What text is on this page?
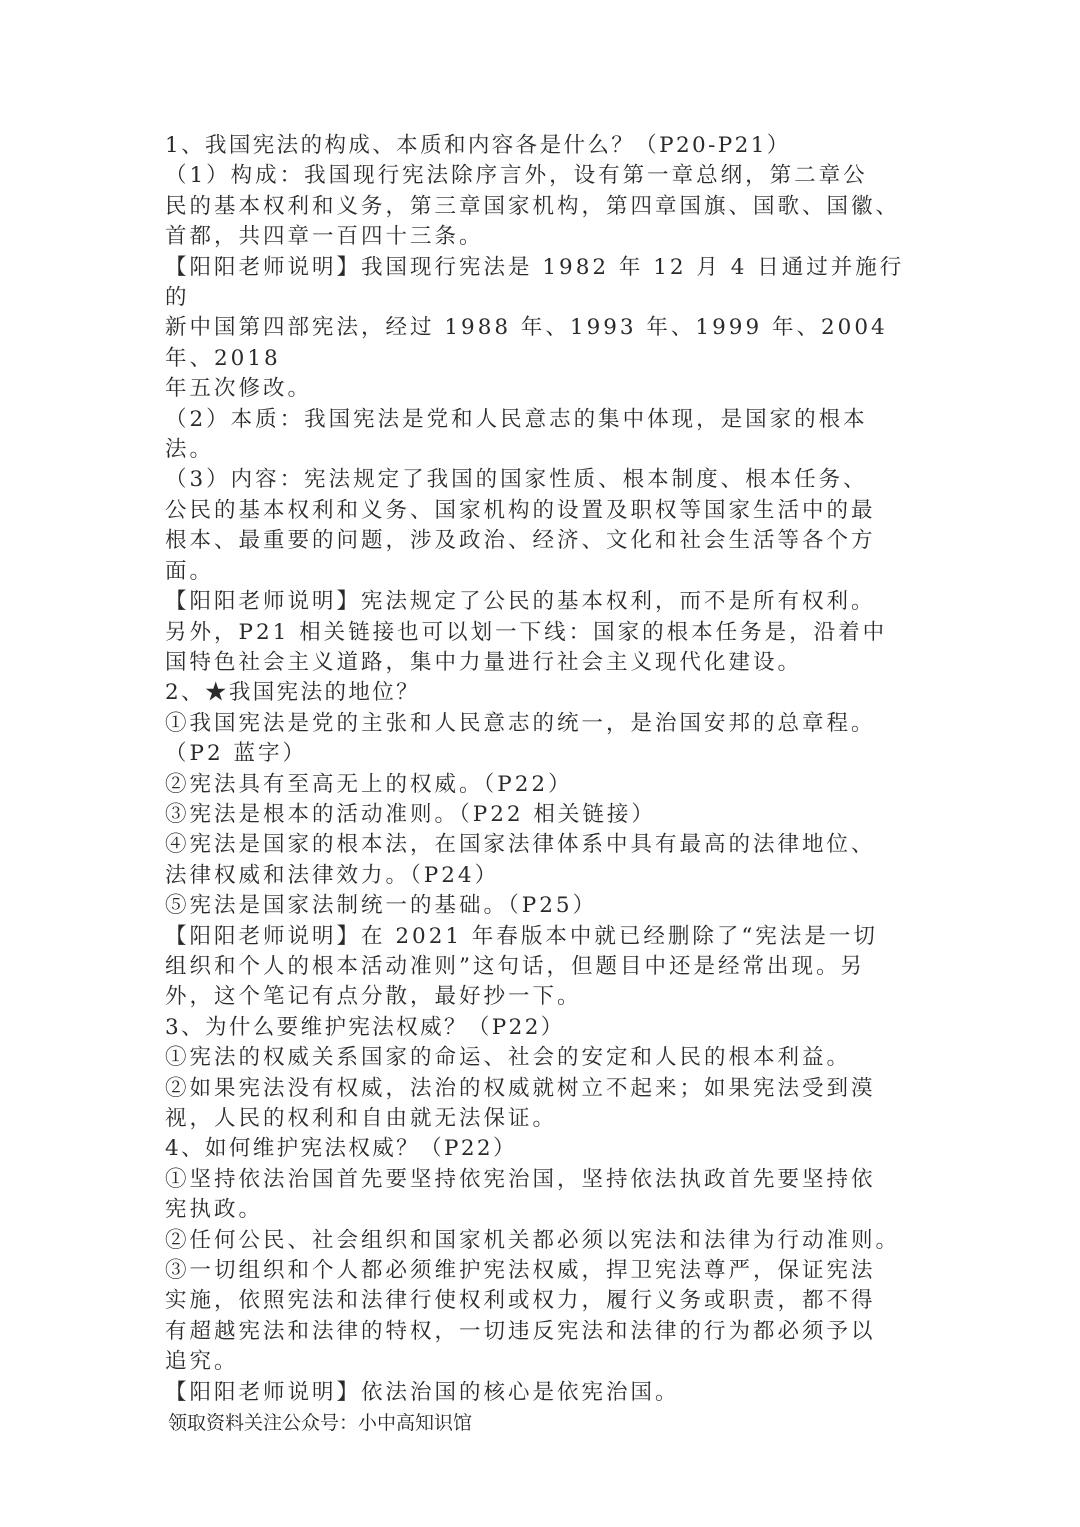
1、我国宪法的构成、本质和内容各是什么？（P20-P21）

（1）构成：我国现行宪法除序言外，设有第一章总纲，第二章公

民的基本权利和义务，第三章国家机构，第四章国旗、国歌、国徽、

首都，共四章一百四十三条。

【阳阳老师说明】我国现行宪法是 1982 年 12 月 4 日通过并施行的

新中国第四部宪法，经过 1988 年、1993 年、1999 年、2004 年、2018

年五次修改。

（2）本质：我国宪法是党和人民意志的集中体现，是国家的根本

法。

（3）内容：宪法规定了我国的国家性质、根本制度、根本任务、

公民的基本权利和义务、国家机构的设置及职权等国家生活中的最

根本、最重要的问题，涉及政治、经济、文化和社会生活等各个方

面。

【阳阳老师说明】宪法规定了公民的基本权利，而不是所有权利。

另外，P21 相关链接也可以划一下线：国家的根本任务是，沿着中

国特色社会主义道路，集中力量进行社会主义现代化建设。

2、★我国宪法的地位？

①我国宪法是党的主张和人民意志的统一，是治国安邦的总章程。

（P2 蓝字）

②宪法具有至高无上的权威。（P22）

③宪法是根本的活动准则。（P22 相关链接）

④宪法是国家的根本法，在国家法律体系中具有最高的法律地位、

法律权威和法律效力。（P24）

⑤宪法是国家法制统一的基础。（P25）

【阳阳老师说明】在 2021 年春版本中就已经删除了“宪法是一切

组织和个人的根本活动准则”这句话，但题目中还是经常出现。另

外，这个笔记有点分散，最好抄一下。

3、为什么要维护宪法权威？（P22）

①宪法的权威关系国家的命运、社会的安定和人民的根本利益。

②如果宪法没有权威，法治的权威就树立不起来；如果宪法受到漠

视，人民的权利和自由就无法保证。

4、如何维护宪法权威？（P22）

①坚持依法治国首先要坚持依宪治国，坚持依法执政首先要坚持依

宪执政。

②任何公民、社会组织和国家机关都必须以宪法和法律为行动准则。

③一切组织和个人都必须维护宪法权威，捍卫宪法尊严，保证宪法

实施，依照宪法和法律行使权利或权力，履行义务或职责，都不得

有超越宪法和法律的特权，一切违反宪法和法律的行为都必须予以

追究。

【阳阳老师说明】依法治国的核心是依宪治国。

领取资料关注公众号：小中高知识馆
